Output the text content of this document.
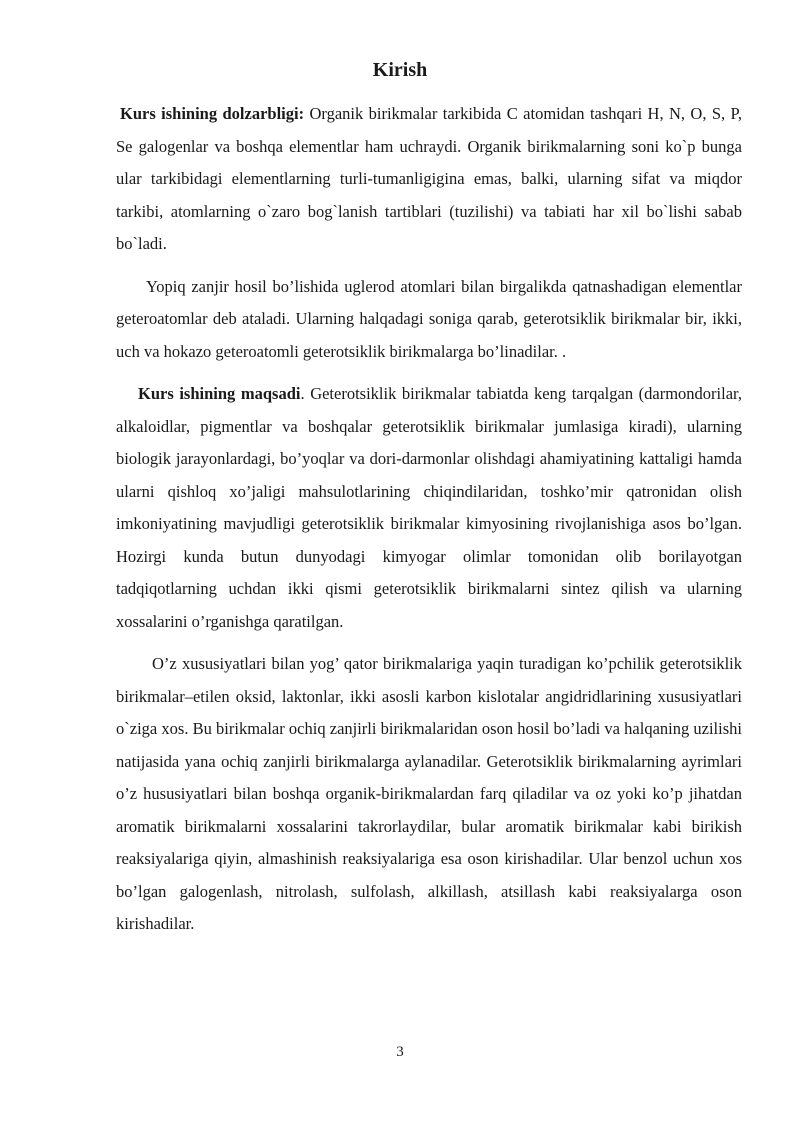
Kirish

Kurs ishining dolzarbligi: Organik birikmalar tarkibida C atomidan tashqari H, N, O, S, P, Se galogenlar va boshqa elementlar ham uchraydi. Organik birikmalarning soni ko`p bunga ular tarkibidagi elementlarning turli-tumanligigina emas, balki, ularning sifat va miqdor tarkibi, atomlarning o`zaro bog`lanish tartiblari (tuzilishi) va tabiati har xil bo`lishi sabab bo`ladi.

Yopiq zanjir hosil bo’lishida uglerod atomlari bilan birgalikda qatnashadigan elementlar geteroatomlar deb ataladi. Ularning halqadagi soniga qarab, geterotsiklik birikmalar bir, ikki, uch va hokazo geteroatomli geterotsiklik birikmalarga bo’linadilar. .

Kurs ishining maqsadi. Geterotsiklik birikmalar tabiatda keng tarqalgan (darmondorilar, alkaloidlar, pigmentlar va boshqalar geterotsiklik birikmalar jumlasiga kiradi), ularning biologik jarayonlardagi, bo’yoqlar va dori-darmonlar olishdagi ahamiyatining kattaligi hamda ularni qishloq xo’jaligi mahsulotlarining chiqindilaridan, toshko’mir qatronidan olish imkoniyatining mavjudligi geterotsiklik birikmalar kimyosining rivojlanishiga asos bo’lgan. Hozirgi kunda butun dunyodagi kimyogar olimlar tomonidan olib borilayotgan tadqiqotlarning uchdan ikki qismi geterotsiklik birikmalarni sintez qilish va ularning xossalarini o’rganishga qaratilgan.

O’z xususiyatlari bilan yog’ qator birikmalariga yaqin turadigan ko’pchilik geterotsiklik birikmalar–etilen oksid, laktonlar, ikki asosli karbon kislotalar angidridlarining xususiyatlari o`ziga xos. Bu birikmalar ochiq zanjirli birikmalaridan oson hosil bo’ladi va halqaning uzilishi natijasida yana ochiq zanjirli birikmalarga aylanadilar. Geterotsiklik birikmalarning ayrimlari o’z hususiyatlari bilan boshqa organik-birikmalardan farq qiladilar va oz yoki ko’p jihatdan aromatik birikmalarni xossalarini takrorlaydilar, bular aromatik birikmalar kabi birikish reaksiyalariga qiyin, almashinish reaksiyalariga esa oson kirishadilar. Ular benzol uchun xos bo’lgan galogenlash, nitrolash, sulfolash, alkillash, atsillash kabi reaksiyalarga oson kirishadilar.

3
